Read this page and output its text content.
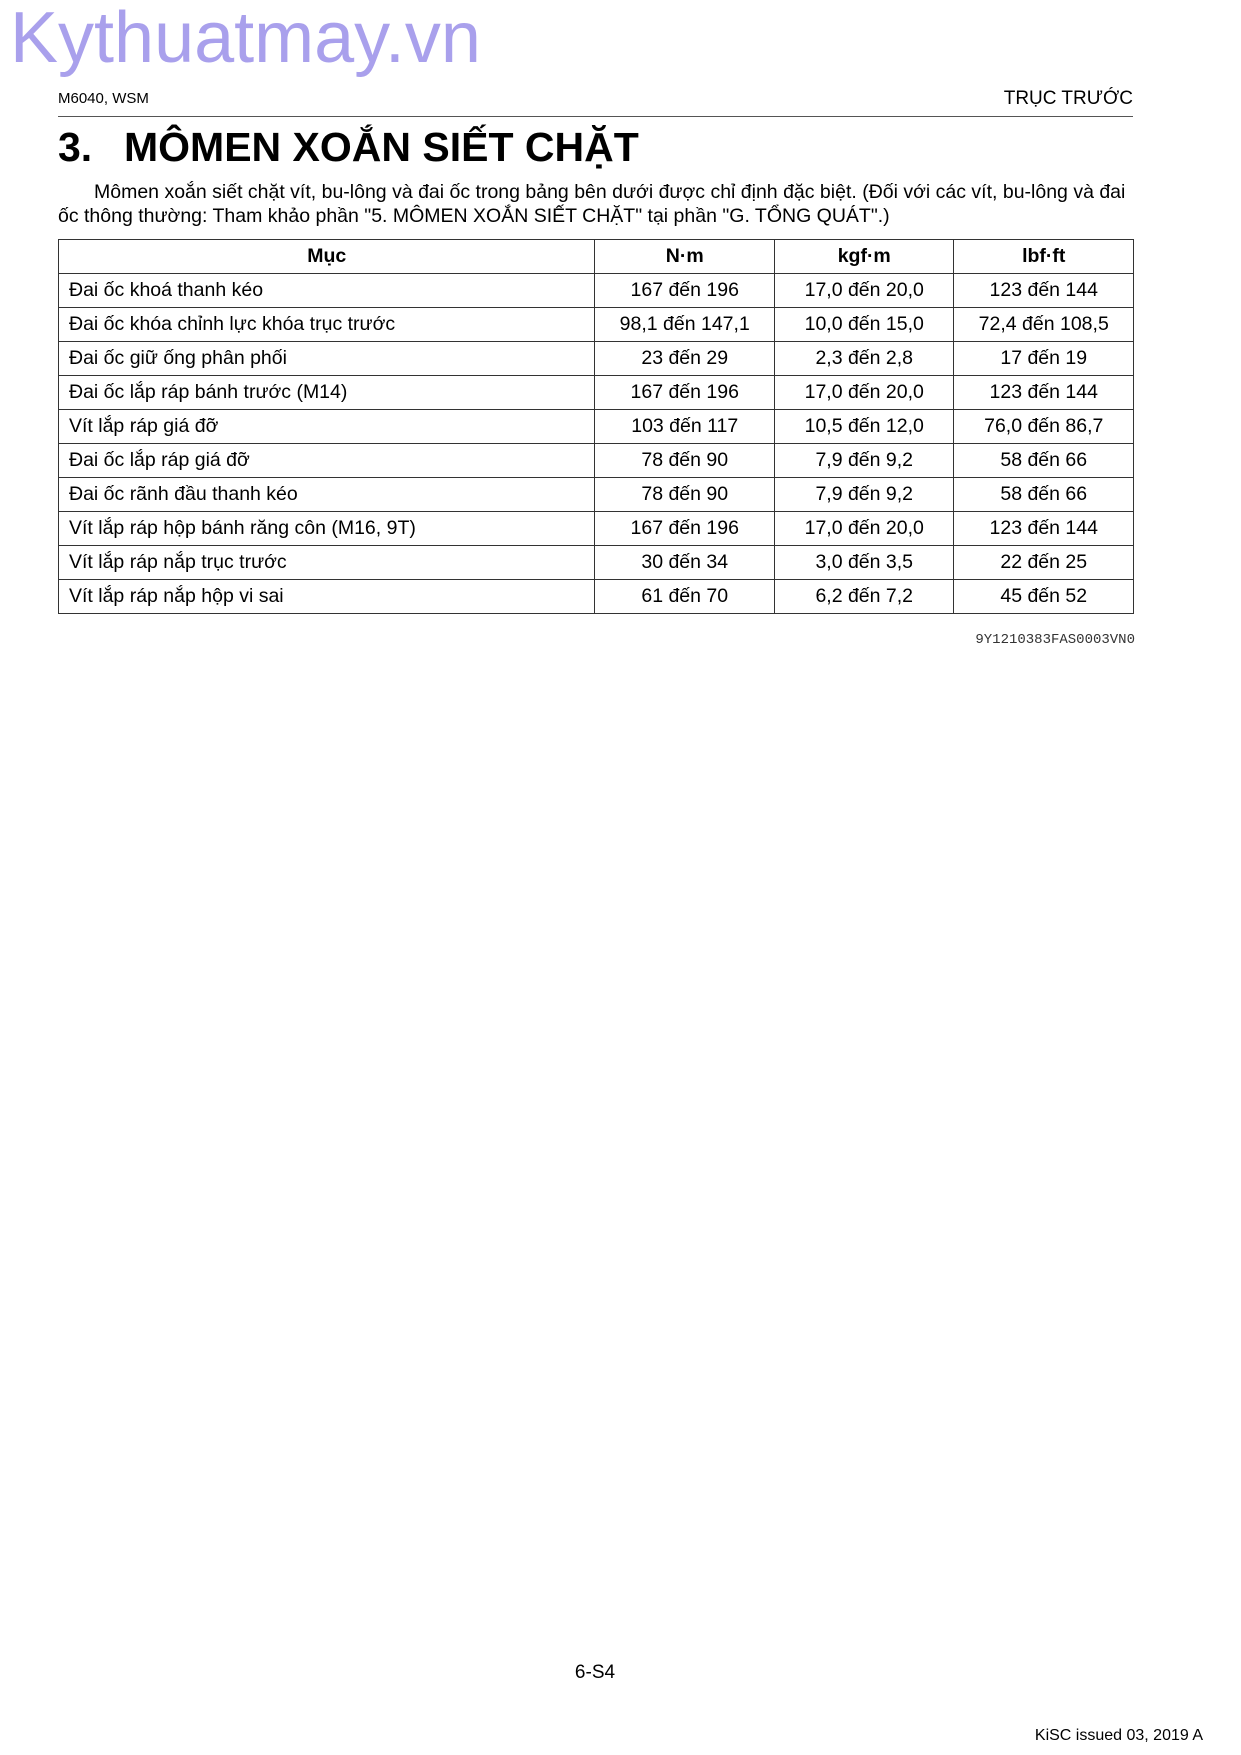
Kythuatmay.vn
M6040, WSM	TRỤC TRƯỚC
3. MÔMEN XOẮN SIẾT CHẶT

Mômen xoắn siết chặt vít, bu-lông và đai ốc trong bảng bên dưới được chỉ định đặc biệt. (Đối với các vít, bu-lông và đai ốc thông thường: Tham khảo phần "5. MÔMEN XOẮN SIẾT CHẶT" tại phần "G. TỔNG QUÁT".)

Mục	N·m	kgf·m	lbf·ft
Đai ốc khoá thanh kéo	167 đến 196	17,0 đến 20,0	123 đến 144
Đai ốc khóa chỉnh lực khóa trục trước	98,1 đến 147,1	10,0 đến 15,0	72,4 đến 108,5
Đai ốc giữ ống phân phối	23 đến 29	2,3 đến 2,8	17 đến 19
Đai ốc lắp ráp bánh trước (M14)	167 đến 196	17,0 đến 20,0	123 đến 144
Vít lắp ráp giá đỡ	103 đến 117	10,5 đến 12,0	76,0 đến 86,7
Đai ốc lắp ráp giá đỡ	78 đến 90	7,9 đến 9,2	58 đến 66
Đai ốc rãnh đầu thanh kéo	78 đến 90	7,9 đến 9,2	58 đến 66
Vít lắp ráp hộp bánh răng côn (M16, 9T)	167 đến 196	17,0 đến 20,0	123 đến 144
Vít lắp ráp nắp trục trước	30 đến 34	3,0 đến 3,5	22 đến 25
Vít lắp ráp nắp hộp vi sai	61 đến 70	6,2 đến 7,2	45 đến 52
9Y1210383FAS0003VN0
6-S4
KiSC issued 03, 2019 A
